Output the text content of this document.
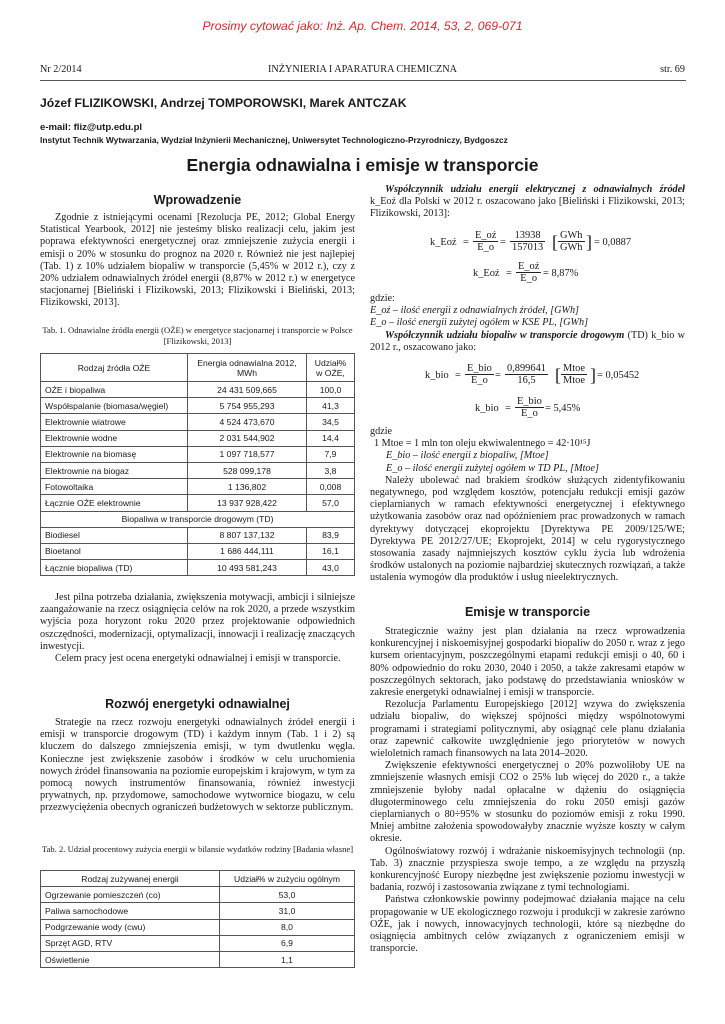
Prosimy cytować jako: Inż. Ap. Chem. 2014, 53, 2, 069-071
Nr 2/2014	INŻYNIERIA I APARATURA CHEMICZNA	str. 69
Józef FLIZIKOWSKI, Andrzej TOMPOROWSKI, Marek ANTCZAK
e-mail: fliz@utp.edu.pl
Instytut Technik Wytwarzania, Wydział Inżynierii Mechanicznej, Uniwersytet Technologiczno-Przyrodniczy, Bydgoszcz
Energia odnawialna i emisje w transporcie
Wprowadzenie

Zgodnie z istniejącymi ocenami [Rezolucja PE, 2012; Global Energy Statistical Yearbook, 2012] nie jesteśmy blisko realizacji celu, jakim jest poprawa efektywności energetycznej oraz zmniejszenie zużycia energii i emisji o 20% w stosunku do prognoz na 2020 r. Również nie jest najlepiej (Tab. 1) z 10% udziałem biopaliw w transporcie (5,45% w 2012 r.), czy z 20% udziałem odnawialnych źródeł energii (8,87% w 2012 r.) w energetyce stacjonarnej [Bieliński i Flizikowski, 2013; Flizikowski i Bieliński, 2013; Flizikowski, 2013].

Tab. 1. Odnawialne źródła energii (OŹE) w energetyce stacjonarnej i transporcie w Polsce [Flizikowski, 2013]
Rodzaj źródła OŹE	Energia odnawialna 2012, MWh	Udział% w OŹE,
OŹE i biopaliwa	24 431 509,665	100,0
Współspalanie (biomasa/węgiel)	5 754 955,293	41,3
Elektrownie wiatrowe	4 524 473,670	34,5
Elektrownie wodne	2 031 544,902	14,4
Elektrownie na biomasę	1 097 718,577	7,9
Elektrownie na biogaz	528 099,178	3,8
Fotowoltaika	1 136,802	0,008
Łącznie OŹE elektrownie	13 937 928,422	57,0
Biopaliwa w transporcie drogowym (TD)		
Biodiesel	8 807 137,132	83,9
Bioetanol	1 686 444,111	16,1
Łącznie biopaliwa (TD)	10 493 581,243	43,0

Jest pilna potrzeba działania, zwiększenia motywacji, ambicji i silniejsze zaangażowanie na rzecz osiągnięcia celów na rok 2020, a przede wszystkim wyjścia poza horyzont roku 2020 przez projektowanie odpowiednich oszczędności, modernizacji, optymalizacji, innowacji i realizację znaczących inwestycji.

Celem pracy jest ocena energetyki odnawialnej i emisji w transporcie.

Rozwój energetyki odnawialnej

Strategie na rzecz rozwoju energetyki odnawialnych źródeł energii i emisji w transporcie drogowym (TD) i każdym innym (Tab. 1 i 2) są kluczem do dalszego zmniejszenia emisji, w tym dwutlenku węgla. Konieczne jest zwiększenie zasobów i środków w celu uruchomienia nowych źródeł finansowania na poziomie europejskim i krajowym, w tym za pomocą nowych instrumentów finansowania, również inwestycji prywatnych, np. przydomowe, samochodowe wytwornice biogazu, w celu przezwyciężenia obecnych ograniczeń budżetowych w sektorze publicznym.

Tab. 2. Udział procentowy zużycia energii w bilansie wydatków rodziny [Badania własne]
Rodzaj zużywanej energii	Udział% w zużyciu ogólnym
Ogrzewanie pomieszczeń (co)	53,0
Paliwa samochodowe	31,0
Podgrzewanie wody (cwu)	8,0
Sprzęt AGD, RTV	6,9
Oświetlenie	1,1

Współczynnik udziału energii elektrycznej z odnawialnych źródeł k_Eoź dla Polski w 2012 r. oszacowano jako [Bieliński i Flizikowski, 2013; Flizikowski, 2013]:

k_Eoź = $\frac{E\_oź}{E\_o} = \frac{13938}{157013}$ [ GWh
GWh ] = 0,0887
k_Eoź = $\frac{E\_oź}{E\_o} = 8,87\%$

gdzie:

E_oź – ilość energii z odnawialnych źródeł, [GWh]

E_o – ilość energii zużytej ogółem w KSE PL, [GWh]

Współczynnik udziału biopaliw w transporcie drogowym (TD) k_bio w 2012 r., oszacowano jako:

k_bio =
E_bio
E_o = $\frac{0,899641}{16,5}$ [ Mtoe
Mtoe ] = 0,05452
k_bio =
E_bio
E_o = 5,45%

gdzie

1 Mtoe = 1 mln ton oleju ekwiwalentnego = 42·10¹⁵J

E_bio – ilość energii z biopaliw, [Mtoe]

E_o – ilość energii zużytej ogółem w TD PL, [Mtoe]

Należy ubolewać nad brakiem środków służących zidentyfikowaniu negatywnego, pod względem kosztów, potencjału redukcji emisji gazów cieplarnianych w ramach efektywności energetycznej i efektywnego użytkowania zasobów oraz nad opóźnieniem prac prowadzonych w ramach dyrektywy dotyczącej ekoprojektu [Dyrektywa PE 2009/125/WE; Dyrektywa PE 2012/27/UE; Ekoprojekt, 2014] w celu rygorystycznego stosowania zasady najmniejszych kosztów cyklu życia lub wdrożenia środków ustalonych na poziomie najbardziej skutecznych rozwiązań, a także ustalenia wymogów dla produktów i usług nieelektrycznych.

Emisje w transporcie

Strategicznie ważny jest plan działania na rzecz wprowadzenia konkurencyjnej i niskoemisyjnej gospodarki biopaliw do 2050 r. wraz z jego kursem orientacyjnym, poszczególnymi etapami redukcji emisji o 40, 60 i 80% odpowiednio do roku 2030, 2040 i 2050, a także zakresami etapów w poszczególnych sektorach, jako podstawę do przedstawiania wniosków w zakresie energetyki odnawialnej i emisji w transporcie.

Rezolucja Parlamentu Europejskiego [2012] wzywa do zwiększenia udziału biopaliw, do większej spójności między wspólnotowymi programami i strategiami politycznymi, aby osiągnąć cele planu działania oraz zapewnić całkowite uwzględnienie jego priorytetów w nowych wieloletnich ramach finansowych na lata 2014–2020.

Zwiększenie efektywności energetycznej o 20% pozwoliłoby UE na zmniejszenie własnych emisji CO2 o 25% lub więcej do 2020 r., a także zmniejszenie byłoby nadal opłacalne w dążeniu do osiągnięcia długoterminowego celu zmniejszenia do roku 2050 emisji gazów cieplarnianych o 80÷95% w stosunku do poziomów emisji z roku 1990. Mniej ambitne założenia spowodowałyby znacznie wyższe koszty w całym okresie.

Ogólnoświatowy rozwój i wdrażanie niskoemisyjnych technologii (np. Tab. 3) znacznie przyspiesza swoje tempo, a ze względu na przyszłą konkurencyjność Europy niezbędne jest zwiększenie poziomu inwestycji w badania, rozwój i zastosowania związane z tymi technologiami.

Państwa członkowskie powinny podejmować działania mające na celu propagowanie w UE ekologicznego rozwoju i produkcji w zakresie zarówno OŹE, jak i nowych, innowacyjnych technologii, które są niezbędne do osiągnięcia ambitnych celów związanych z ograniczeniem emisji w transporcie.
